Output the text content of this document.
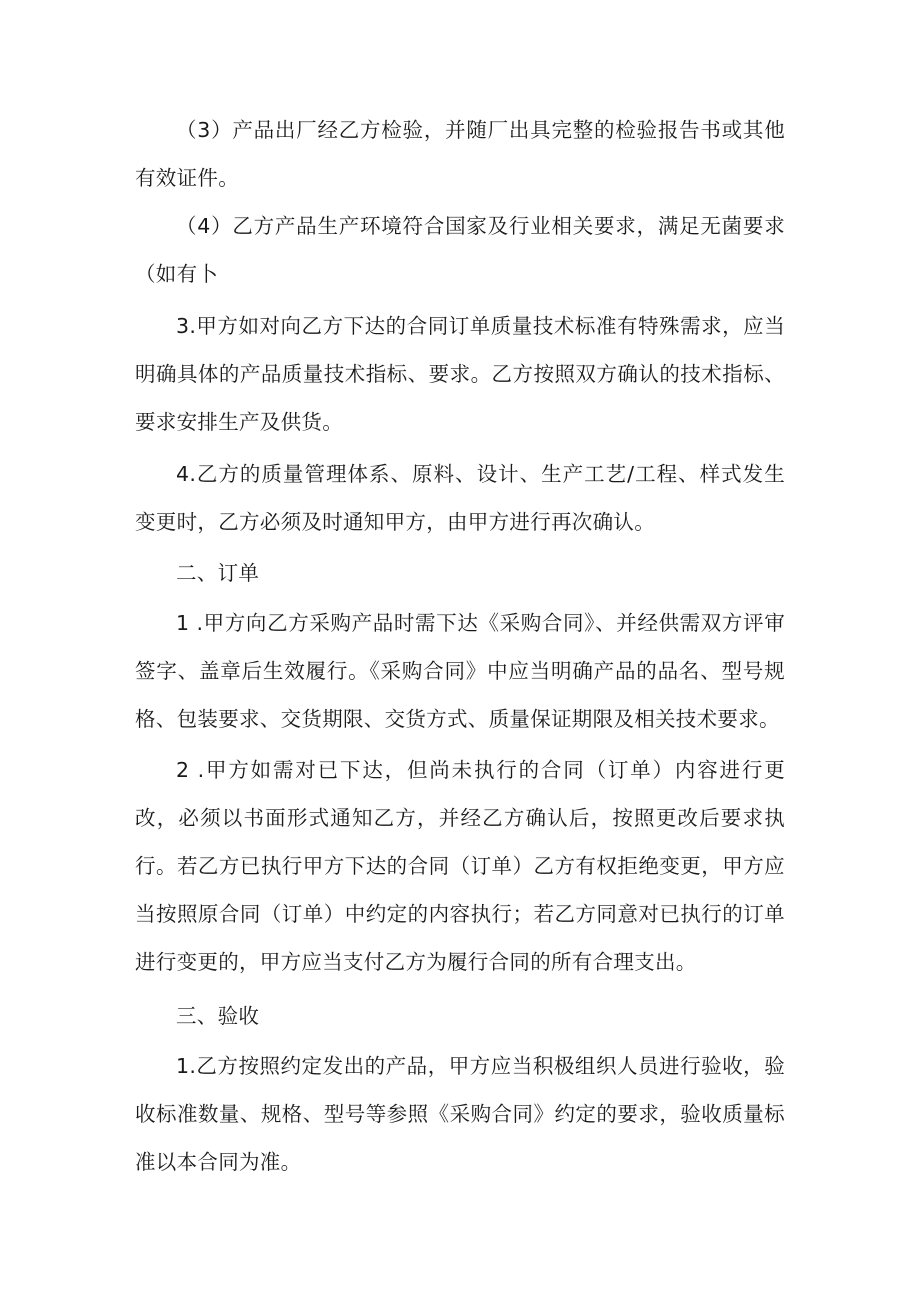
（3）产品出厂经乙方检验，并随厂出具完整的检验报告书或其他有效证件。

（4）乙方产品生产环境符合国家及行业相关要求，满足无菌要求（如有卜

3.甲方如对向乙方下达的合同订单质量技术标准有特殊需求，应当明确具体的产品质量技术指标、要求。乙方按照双方确认的技术指标、要求安排生产及供货。

4.乙方的质量管理体系、原料、设计、生产工艺/工程、样式发生变更时，乙方必须及时通知甲方，由甲方进行再次确认。

二、订单

1 .甲方向乙方采购产品时需下达《采购合同》、并经供需双方评审签字、盖章后生效履行。《采购合同》中应当明确产品的品名、型号规格、包装要求、交货期限、交货方式、质量保证期限及相关技术要求。

2 .甲方如需对已下达，但尚未执行的合同（订单）内容进行更改，必须以书面形式通知乙方，并经乙方确认后，按照更改后要求执行。若乙方已执行甲方下达的合同（订单）乙方有权拒绝变更，甲方应当按照原合同（订单）中约定的内容执行；若乙方同意对已执行的订单进行变更的，甲方应当支付乙方为履行合同的所有合理支出。

三、验收

1.乙方按照约定发出的产品，甲方应当积极组织人员进行验收，验收标准数量、规格、型号等参照《采购合同》约定的要求，验收质量标准以本合同为准。
